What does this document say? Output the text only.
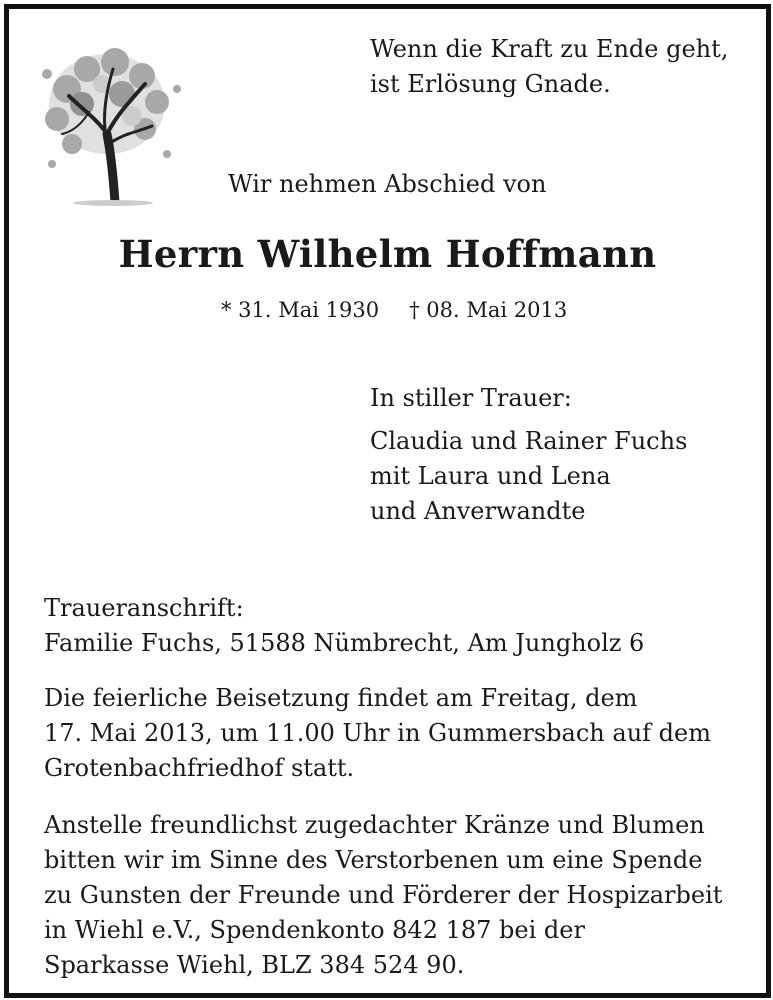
Wenn die Kraft zu Ende geht,
ist Erlösung Gnade.
Wir nehmen Abschied von
Herrn Wilhelm Hoffmann
* 31. Mai 1930 † 08. Mai 2013
In stiller Trauer:
Claudia und Rainer Fuchs
mit Laura und Lena
und Anverwandte
Traueranschrift:
Familie Fuchs, 51588 Nümbrecht, Am Jungholz 6
Die feierliche Beisetzung findet am Freitag, dem
17. Mai 2013, um 11.00 Uhr in Gummersbach auf dem
Grotenbachfriedhof statt.
Anstelle freundlichst zugedachter Kränze und Blumen
bitten wir im Sinne des Verstorbenen um eine Spende
zu Gunsten der Freunde und Förderer der Hospizarbeit
in Wiehl e.V., Spendenkonto 842 187 bei der
Sparkasse Wiehl, BLZ 384 524 90.
